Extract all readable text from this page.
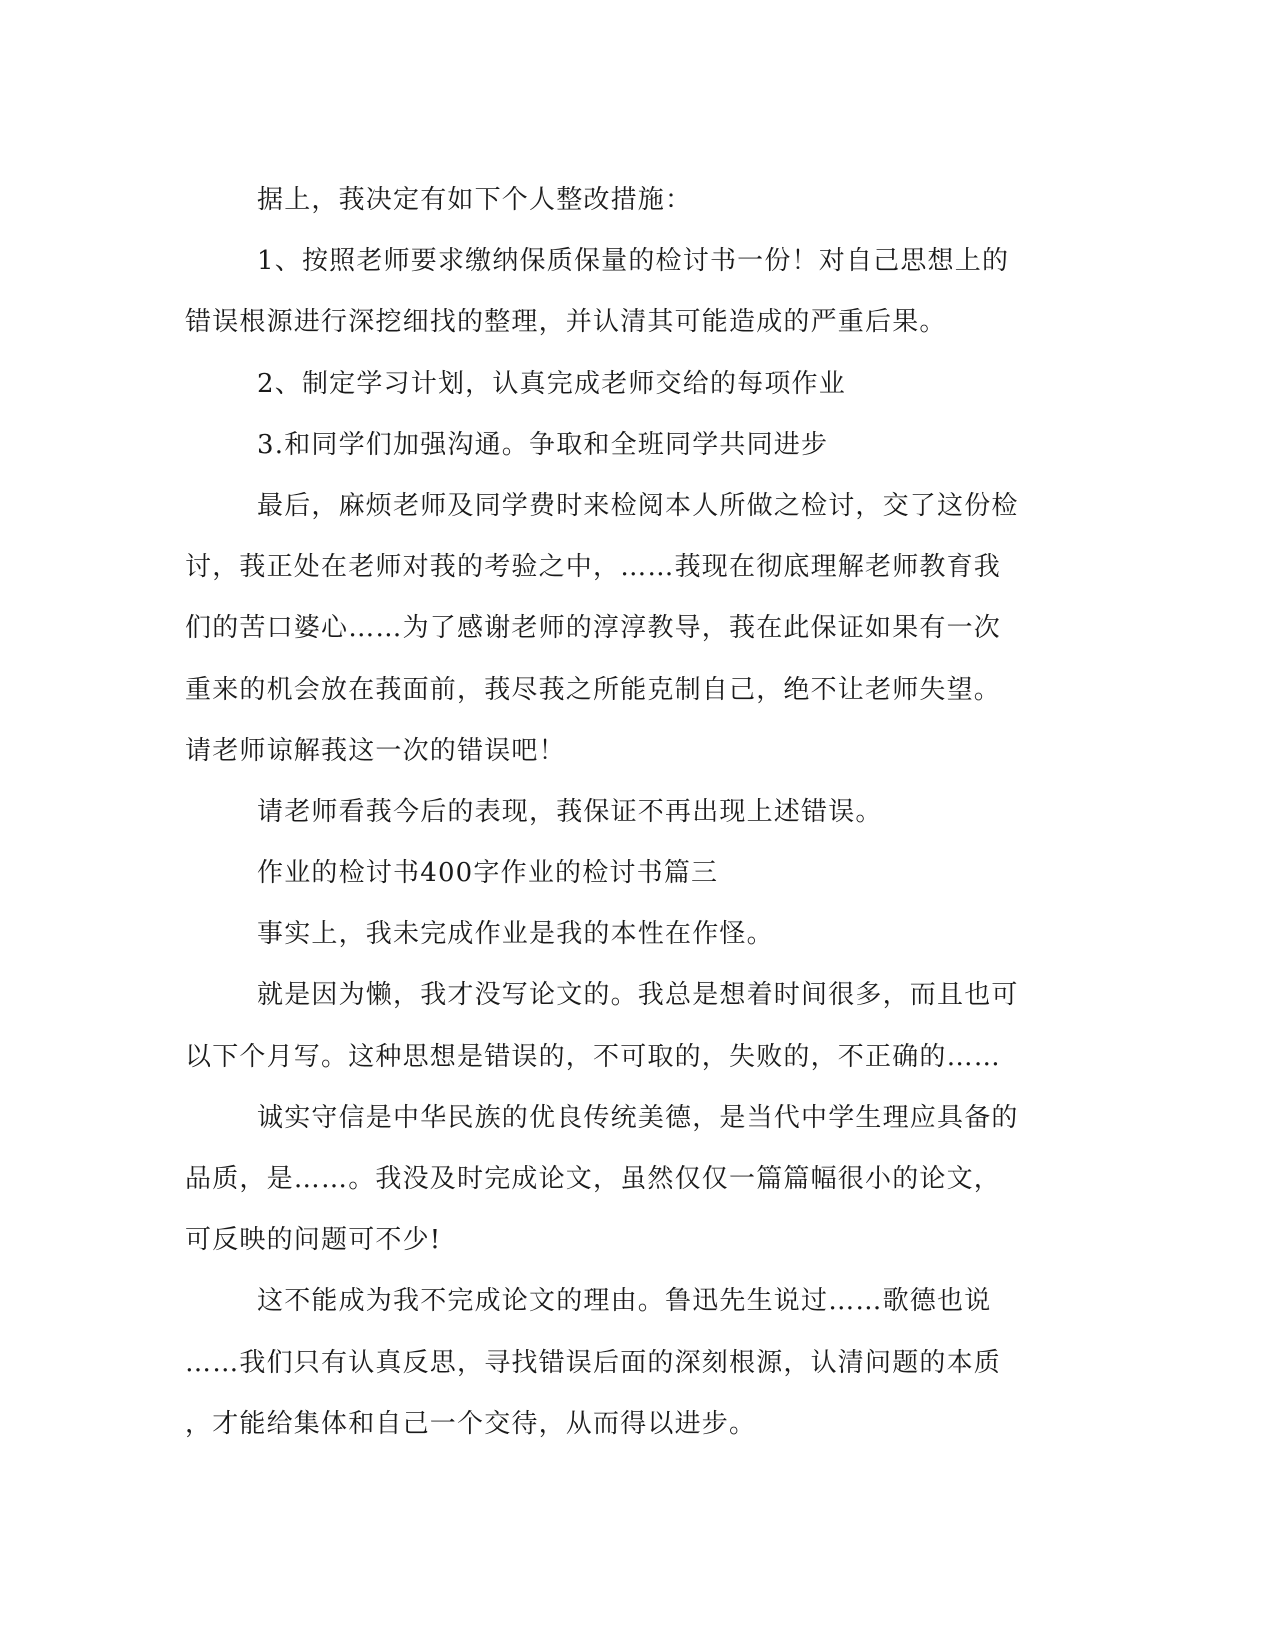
据上，莪决定有如下个人整改措施：
1、按照老师要求缴纳保质保量的检讨书一份！对自己思想上的
错误根源进行深挖细找的整理，并认清其可能造成的严重后果。
2、制定学习计划，认真完成老师交给的每项作业
3.和同学们加强沟通。争取和全班同学共同进步
最后，麻烦老师及同学费时来检阅本人所做之检讨，交了这份检
讨，莪正处在老师对莪的考验之中，……莪现在彻底理解老师教育我
们的苦口婆心……为了感谢老师的淳淳教导，莪在此保证如果有一次
重来的机会放在莪面前，莪尽莪之所能克制自己，绝不让老师失望。
请老师谅解莪这一次的错误吧！
请老师看莪今后的表现，莪保证不再出现上述错误。
作业的检讨书400字作业的检讨书篇三
事实上，我未完成作业是我的本性在作怪。
就是因为懒，我才没写论文的。我总是想着时间很多，而且也可
以下个月写。这种思想是错误的，不可取的，失败的，不正确的……
诚实守信是中华民族的优良传统美德，是当代中学生理应具备的
品质，是……。我没及时完成论文，虽然仅仅一篇篇幅很小的论文，
可反映的问题可不少!
这不能成为我不完成论文的理由。鲁迅先生说过……歌德也说
……我们只有认真反思，寻找错误后面的深刻根源，认清问题的本质
，才能给集体和自己一个交待，从而得以进步。
